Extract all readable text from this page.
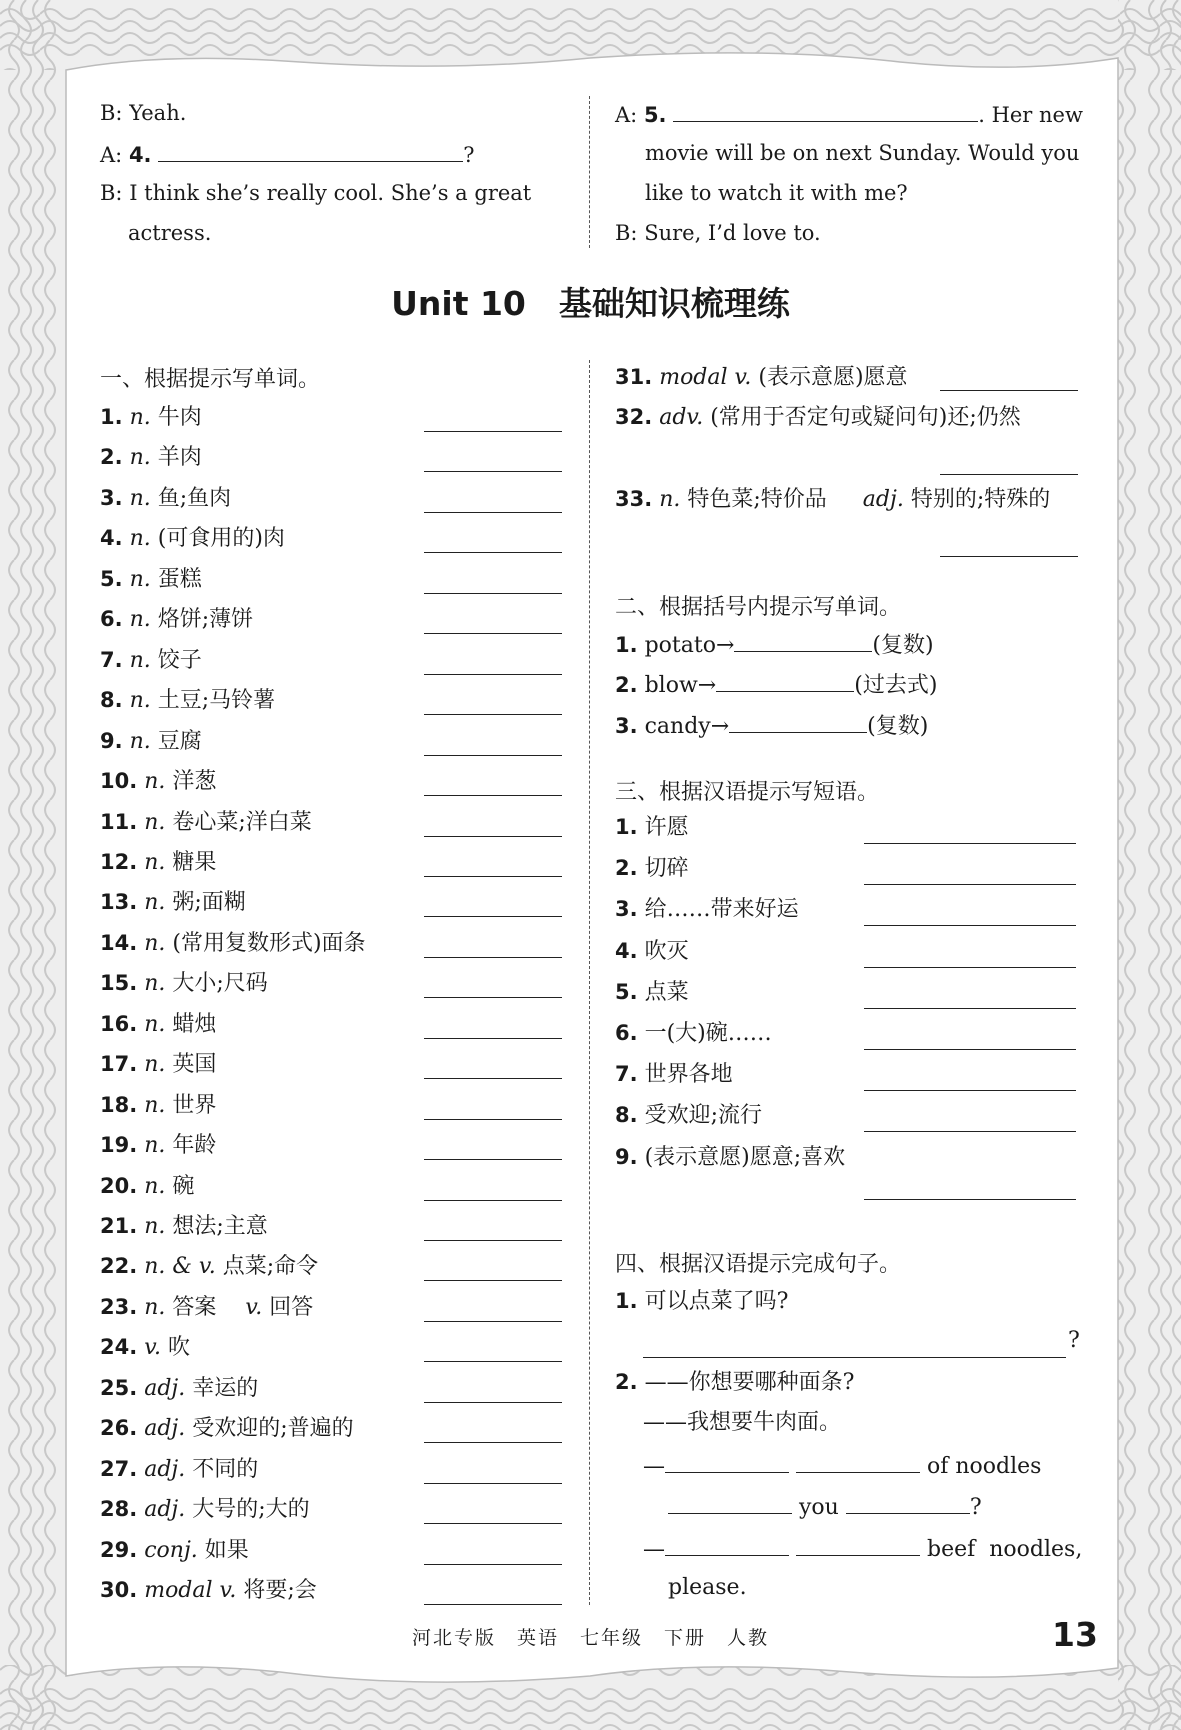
B: Yeah.
A: 4.	?
B: I think she’s really cool. She’s a great
actress.
A: 5.	. Her new
movie will be on next Sunday. Would you
like to watch it with me?
B: Sure, I’d love to.
Unit 10　基础知识梳理练
一、根据提示写单词。
1. n. 牛肉
2. n. 羊肉
3. n. 鱼;鱼肉
4. n. (可食用的)肉
5. n. 蛋糕
6. n. 烙饼;薄饼
7. n. 饺子
8. n. 土豆;马铃薯
9. n. 豆腐
10. n. 洋葱
11. n. 卷心菜;洋白菜
12. n. 糖果
13. n. 粥;面糊
14. n. (常用复数形式)面条
15. n. 大小;尺码
16. n. 蜡烛
17. n. 英国
18. n. 世界
19. n. 年龄
20. n. 碗
21. n. 想法;主意
22. n. & v. 点菜;命令
23. n. 答案 v. 回答
24. v. 吹
25. adj. 幸运的
26. adj. 受欢迎的;普遍的
27. adj. 不同的
28. adj. 大号的;大的
29. conj. 如果
30. modal v. 将要;会
31. modal v. (表示意愿)愿意
32. adv. (常用于否定句或疑问句)还;仍然
33. n. 特色菜;特价品 adj. 特别的;特殊的
二、根据括号内提示写单词。
1. potato→	(复数)
2. blow→	(过去式)
3. candy→	(复数)
三、根据汉语提示写短语。
1. 许愿
2. 切碎
3. 给……带来好运
4. 吹灭
5. 点菜
6. 一(大)碗……
7. 世界各地
8. 受欢迎;流行
9. (表示意愿)愿意;喜欢
四、根据汉语提示完成句子。
1. 可以点菜了吗?
?
2. ——你想要哪种面条?
——我想要牛肉面。
—	of noodles
you	?
—	beef  noodles,
please.
河北专版　英语　七年级　下册　人教	13
